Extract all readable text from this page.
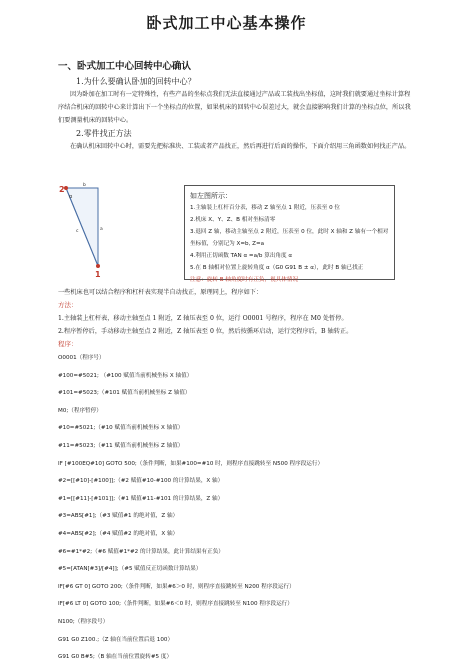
卧式加工中心基本操作
一、卧式加工中心回转中心确认
1.为什么要确认卧加的回转中心？
因为卧加在加工时有一定特殊性，有些产品的坐标点我们无法直接通过产品或工装找出坐标值，这时我们就要通过坐标计算程序结合机床的回转中心来计算出下一个坐标点的位置，如果机床的回转中心误差过大，就会直接影响我们计算的坐标点位，所以我们要测量机床的回转中心。
2.零件找正方法
在确认机床回转中心时，需要先把标准块、工装或者产品找正，然后再进行后面的操作，下面介绍用三角函数如何找正产品。
2
1
b
a
c
α	如左图所示：
1.主轴装上杠杆百分表，移动 Z 轴至点 1 附近，压表至 0 位
2.机床 X、Y、Z、B 相对坐标清零
3.退回 Z 轴，移动主轴至点 2 附近，压表至 0 位，此时 X 轴和 Z 轴有一个相对坐标值，分别记为 X=b, Z=a
4.利用正切函数 TAN α =a/b 算出角度 α
5.在 B 轴相对位置上旋转角度 α（G0 G91 B ± α），此时 B 轴已找正
注意：旋转 B 轴角度时有正负，视具体情况
一些机床也可以结合程序和杠杆表实现半自动找正，原理同上，程序如下：
方法：
1.主轴装上杠杆表，移动主轴至点 1 附近，Z 轴压表至 0 位，运行 O0001 号程序，程序在 M0 处暂停。
2.程序暂停后，手动移动主轴至点 2 附近，Z 轴压表至 0 位，然后按循环启动，运行完程序后，B 轴转正。
程序：
O0001（程序号）
#100=#5021; （#100 赋值当前机械坐标 X 轴值）
#101=#5023;（#101 赋值当前机械坐标 Z 轴值）
M0;（程序暂停）
#10=#5021;（#10 赋值当前机械坐标 X 轴值）
#11=#5023;（#11 赋值当前机械坐标 Z 轴值）
IF [#100EQ#10] GOTO 500;（条件判断，如果#100=#10 时，则程序直接跳转至 N500 程序段运行）
#2=[[#10]-[#100]];（#2 赋值#10-#100 的计算结果，X 轴）
#1=[[#11]-[#101]];（#1 赋值#11-#101 的计算结果，Z 轴）
#3=ABS[#1];（#3 赋值#1 的绝对值，Z 轴）
#4=ABS[#2];（#4 赋值#2 的绝对值，X 轴）
#6=#1*#2;（#6 赋值#1*#2 的计算结果，此计算结果有正负）
#5=[ATAN[#3]/[#4]];（#5 赋值反正切函数计算结果）
IF[#6 GT 0] GOTO 200;（条件判断，如果#6＞0 时，则程序直接跳转至 N200 程序段运行）
IF[#6 LT 0] GOTO 100;（条件判断，如果#6＜0 时，则程序直接跳转至 N100 程序段运行）
N100;（程序段号）
G91 G0 Z100.;（Z 轴在当前位置后退 100）
G91 G0 B#5;（B 轴在当前位置旋转#5 度）
